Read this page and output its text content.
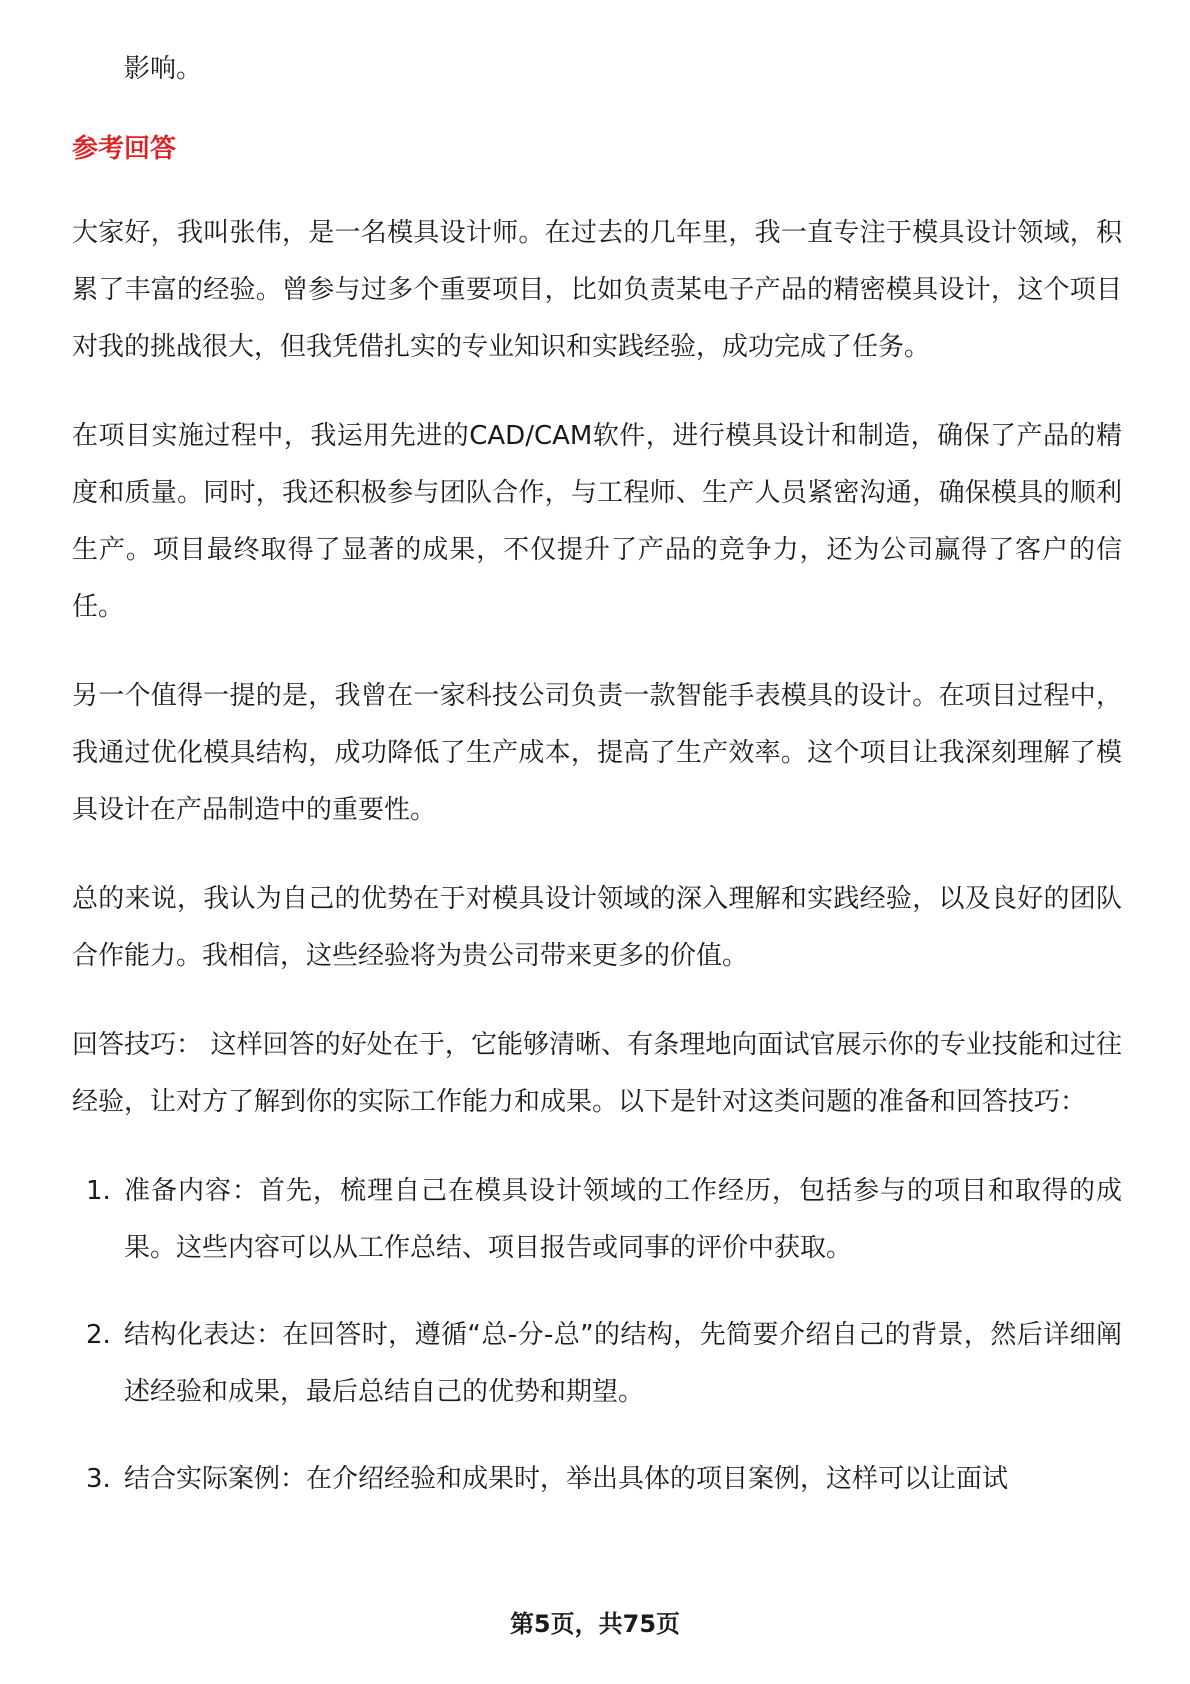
影响。
参考回答

大家好，我叫张伟，是一名模具设计师。在过去的几年里，我一直专注于模具设计领域，积累了丰富的经验。曾参与过多个重要项目，比如负责某电子产品的精密模具设计，这个项目对我的挑战很大，但我凭借扎实的专业知识和实践经验，成功完成了任务。

在项目实施过程中，我运用先进的CAD/CAM软件，进行模具设计和制造，确保了产品的精度和质量。同时，我还积极参与团队合作，与工程师、生产人员紧密沟通，确保模具的顺利生产。项目最终取得了显著的成果，不仅提升了产品的竞争力，还为公司赢得了客户的信任。

另一个值得一提的是，我曾在一家科技公司负责一款智能手表模具的设计。在项目过程中，我通过优化模具结构，成功降低了生产成本，提高了生产效率。这个项目让我深刻理解了模具设计在产品制造中的重要性。

总的来说，我认为自己的优势在于对模具设计领域的深入理解和实践经验，以及良好的团队合作能力。我相信，这些经验将为贵公司带来更多的价值。

回答技巧： 这样回答的好处在于，它能够清晰、有条理地向面试官展示你的专业技能和过往经验，让对方了解到你的实际工作能力和成果。以下是针对这类问题的准备和回答技巧：

1. 准备内容：首先，梳理自己在模具设计领域的工作经历，包括参与的项目和取得的成果。这些内容可以从工作总结、项目报告或同事的评价中获取。
2. 结构化表达：在回答时，遵循“总-分-总”的结构，先简要介绍自己的背景，然后详细阐述经验和成果，最后总结自己的优势和期望。
3. 结合实际案例：在介绍经验和成果时，举出具体的项目案例，这样可以让面试
第5页，共75页
